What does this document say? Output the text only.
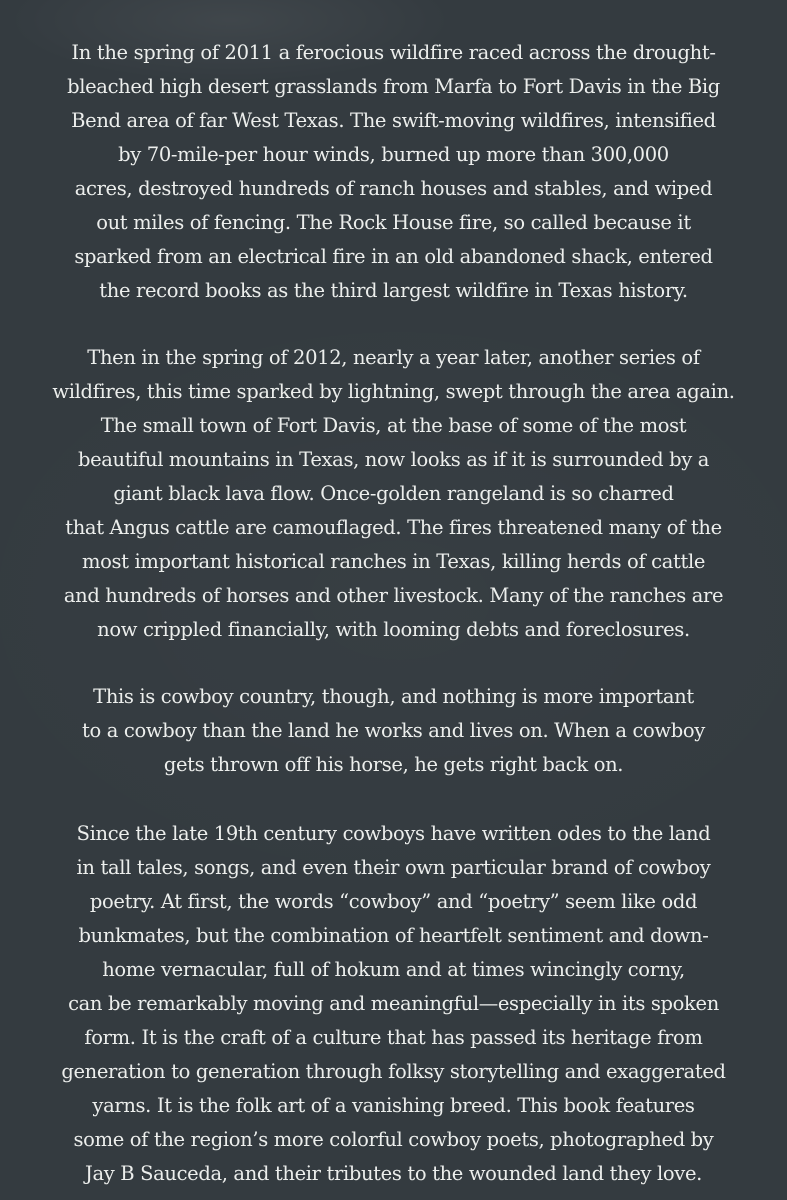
In the spring of 2011 a ferocious wildfire raced across the drought-
bleached high desert grasslands from Marfa to Fort Davis in the Big
Bend area of far West Texas. The swift-moving wildfires, intensified
by 70-mile-per hour winds, burned up more than 300,000
acres, destroyed hundreds of ranch houses and stables, and wiped
out miles of fencing. The Rock House fire, so called because it
sparked from an electrical fire in an old abandoned shack, entered
the record books as the third largest wildfire in Texas history.

Then in the spring of 2012, nearly a year later, another series of
wildfires, this time sparked by lightning, swept through the area again.
The small town of Fort Davis, at the base of some of the most
beautiful mountains in Texas, now looks as if it is surrounded by a
giant black lava flow. Once-golden rangeland is so charred
that Angus cattle are camouflaged. The fires threatened many of the
most important historical ranches in Texas, killing herds of cattle
and hundreds of horses and other livestock. Many of the ranches are
now crippled financially, with looming debts and foreclosures.

This is cowboy country, though, and nothing is more important
to a cowboy than the land he works and lives on. When a cowboy
gets thrown off his horse, he gets right back on.

Since the late 19th century cowboys have written odes to the land
in tall tales, songs, and even their own particular brand of cowboy
poetry. At first, the words “cowboy” and “poetry” seem like odd
bunkmates, but the combination of heartfelt sentiment and down-
home vernacular, full of hokum and at times wincingly corny,
can be remarkably moving and meaningful—especially in its spoken
form. It is the craft of a culture that has passed its heritage from
generation to generation through folksy storytelling and exaggerated
yarns. It is the folk art of a vanishing breed. This book features
some of the region’s more colorful cowboy poets, photographed by
Jay B Sauceda, and their tributes to the wounded land they love.
